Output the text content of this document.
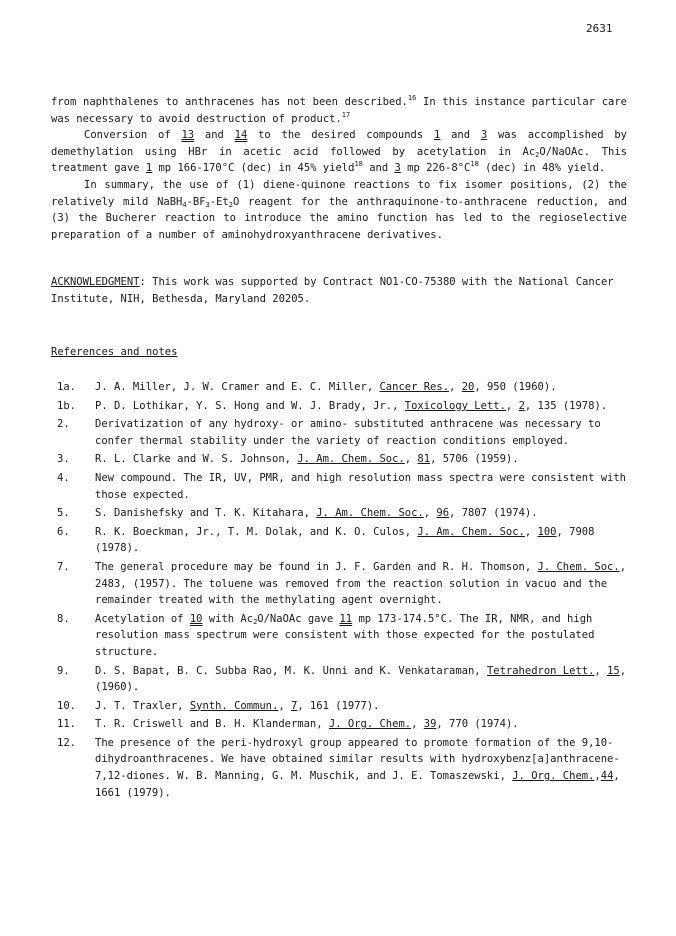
2631

from naphthalenes to anthracenes has not been described.$^{16}$ In this instance particular care was necessary to avoid destruction of product.$^{17}$

Conversion of 13 and 14 to the desired compounds 1 and 3 was accomplished by demethylation using HBr in acetic acid followed by acetylation in $Ac_2O$/NaOAc. This treatment gave 1 mp 166-170°C (dec) in 45% yield$^{18}$ and 3 mp $226-8^\circ C^{18}$ (dec) in 48% yield.

In summary, the use of (1) diene-quinone reactions to fix isomer positions, (2) the relatively mild $NaBH_4-BF_3-Et_2O$ reagent for the anthraquinone-to-anthracene reduction, and (3) the Bucherer reaction to introduce the amino function has led to the regioselective preparation of a number of aminohydroxyanthracene derivatives.

ACKNOWLEDGMENT: This work was supported by Contract NO1-CO-75380 with the National Cancer Institute, NIH, Bethesda, Maryland 20205.

References and notes
1a. J. A. Miller, J. W. Cramer and E. C. Miller, Cancer Res., 20, 950 (1960).
1b. P. D. Lothikar, Y. S. Hong and W. J. Brady, Jr., Toxicology Lett., 2, 135 (1978).
2. Derivatization of any hydroxy- or amino- substituted anthracene was necessary to confer thermal stability under the variety of reaction conditions employed.
3. R. L. Clarke and W. S. Johnson, J. Am. Chem. Soc., 81, 5706 (1959).
4. New compound. The IR, UV, PMR, and high resolution mass spectra were consistent with those expected.
5. S. Danishefsky and T. K. Kitahara, J. Am. Chem. Soc., 96, 7807 (1974).
6. R. K. Boeckman, Jr., T. M. Dolak, and K. O. Culos, J. Am. Chem. Soc., 100, 7908 (1978).
7. The general procedure may be found in J. F. Garden and R. H. Thomson, J. Chem. Soc., 2483, (1957). The toluene was removed from the reaction solution in vacuo and the remainder treated with the methylating agent overnight.
8. Acetylation of 10 with $Ac_2O$/NaOAc gave 11 mp 173-174.5°C. The IR, NMR, and high resolution mass spectrum were consistent with those expected for the postulated structure.
9. D. S. Bapat, B. C. Subba Rao, M. K. Unni and K. Venkataraman, Tetrahedron Lett., 15, (1960).
10. J. T. Traxler, Synth. Commun., 7, 161 (1977).
11. T. R. Criswell and B. H. Klanderman, J. Org. Chem., 39, 770 (1974).
12. The presence of the peri-hydroxyl group appeared to promote formation of the 9,10-dihydroanthracenes. We have obtained similar results with hydroxybenz[a]anthracene-7,12-diones. W. B. Manning, G. M. Muschik, and J. E. Tomaszewski, J. Org. Chem.,44, 1661 (1979).
